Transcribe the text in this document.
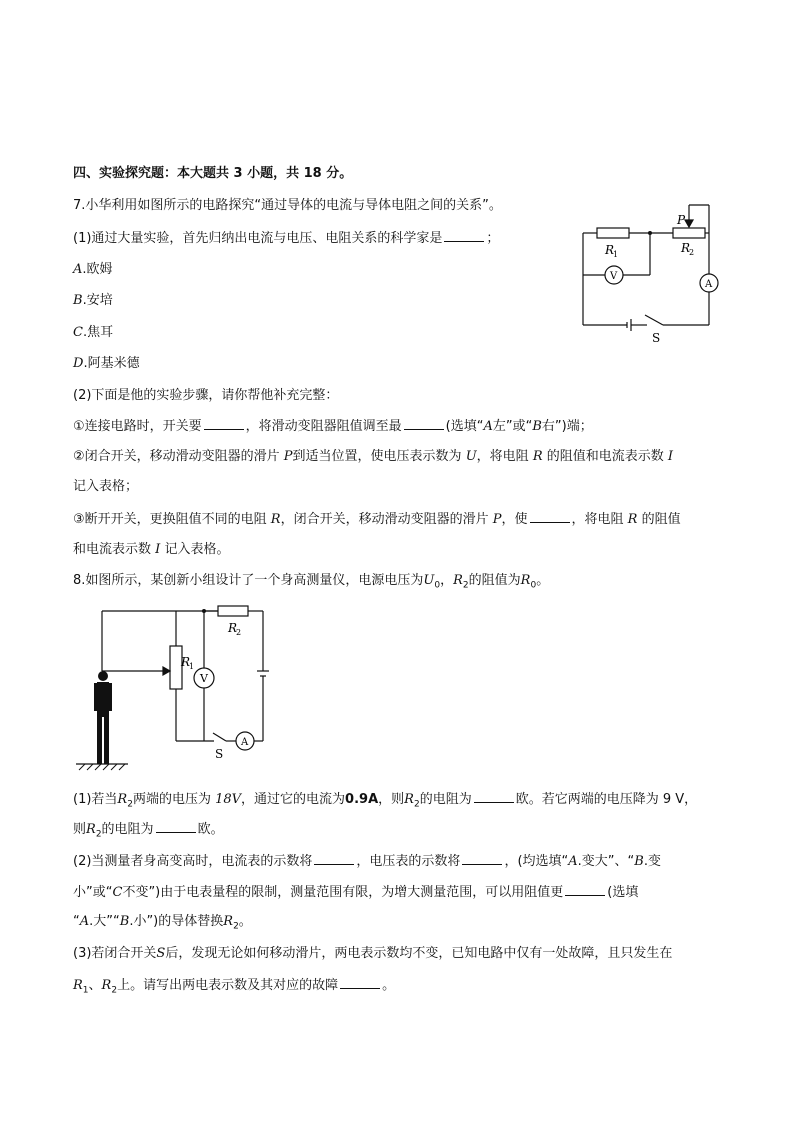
四、实验探究题：本大题共 3 小题，共 18 分。
7.小华利用如图所示的电路探究“通过导体的电流与导体电阻之间的关系”。
(1)通过大量实验，首先归纳出电流与电压、电阻关系的科学家是	；
A.欧姆
B.安培
C.焦耳
D.阿基米德
(2)下面是他的实验步骤，请你帮他补充完整：
①连接电路时，开关要	，将滑动变阻器阻值调至最	(选填“A左”或“B右”)端；
②闭合开关，移动滑动变阻器的滑片 P到适当位置，使电压表示数为 U，将电阻 R 的阻值和电流表示数 I
记入表格；
③断开开关，更换阻值不同的电阻 R，闭合开关，移动滑动变阻器的滑片 P，使	，将电阻 R 的阻值
和电流表示数 I 记入表格。
P
R
1	R
2
V
A
S
8.如图所示，某创新小组设计了一个身高测量仪，电源电压为$U_0$，$R_2$的阻值为$R_0$。
R
1
R
2
V
A
S
(1)若当$R_2$两端的电压为 18V，通过它的电流为0.9A，则$R_2$的电阻为	欧。若它两端的电压降为 9 V，
则$R_2$的电阻为	欧。
(2)当测量者身高变高时，电流表的示数将	，电压表的示数将	，(均选填“A.变大”、“B.变
小”或“C不变”)由于电表量程的限制，测量范围有限，为增大测量范围，可以用阻值更	(选填
“A.大”“B.小”)的导体替换$R_2$。
(3)若闭合开关S后，发现无论如何移动滑片，两电表示数均不变，已知电路中仅有一处故障，且只发生在
$R_1$、$R_2$上。请写出两电表示数及其对应的故障	。
